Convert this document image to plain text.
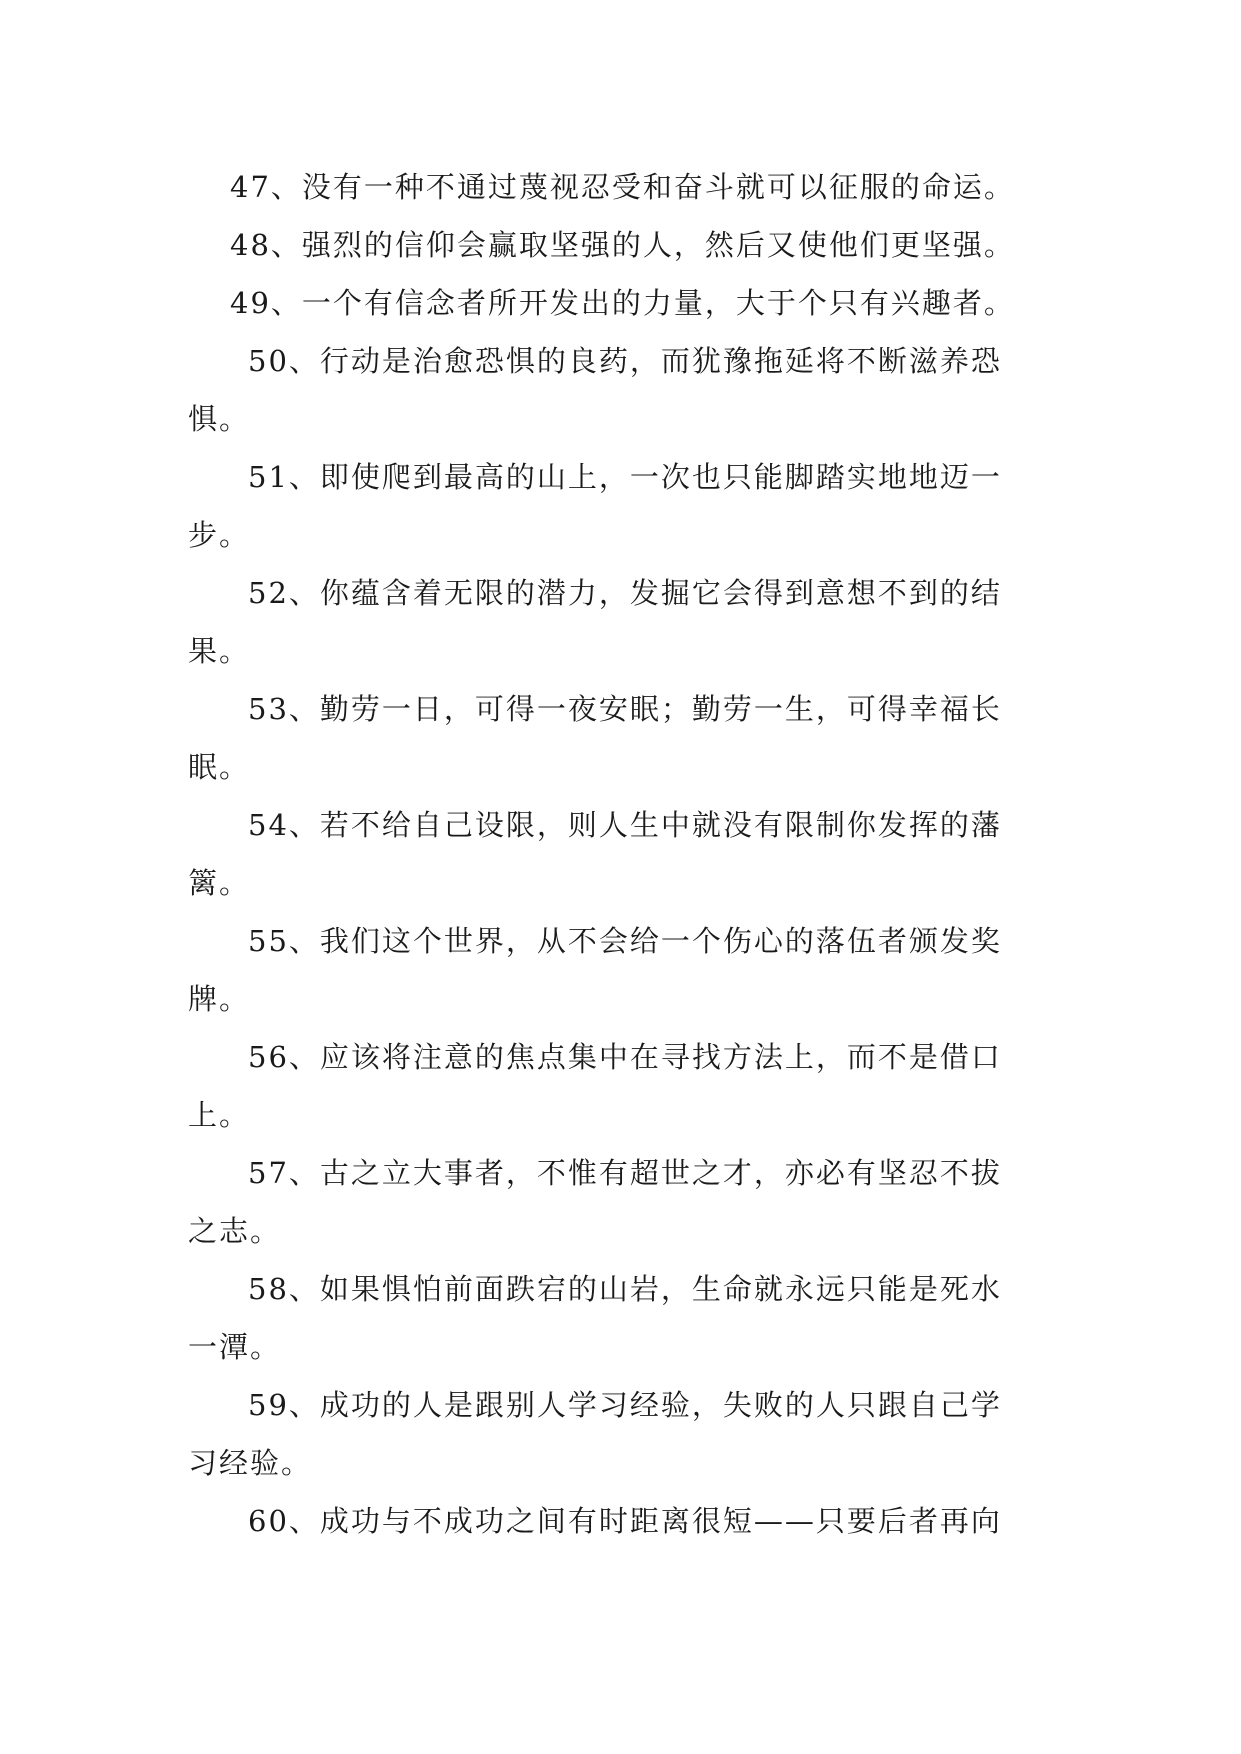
47、没有一种不通过蔑视忍受和奋斗就可以征服的命运。
48、强烈的信仰会赢取坚强的人，然后又使他们更坚强。
49、一个有信念者所开发出的力量，大于个只有兴趣者。
50、行动是治愈恐惧的良药，而犹豫拖延将不断滋养恐
惧。
51、即使爬到最高的山上，一次也只能脚踏实地地迈一
步。
52、你蕴含着无限的潜力，发掘它会得到意想不到的结
果。
53、勤劳一日，可得一夜安眠；勤劳一生，可得幸福长
眠。
54、若不给自己设限，则人生中就没有限制你发挥的藩
篱。
55、我们这个世界，从不会给一个伤心的落伍者颁发奖
牌。
56、应该将注意的焦点集中在寻找方法上，而不是借口
上。
57、古之立大事者，不惟有超世之才，亦必有坚忍不拔
之志。
58、如果惧怕前面跌宕的山岩，生命就永远只能是死水
一潭。
59、成功的人是跟别人学习经验，失败的人只跟自己学
习经验。
60、成功与不成功之间有时距离很短——只要后者再向
